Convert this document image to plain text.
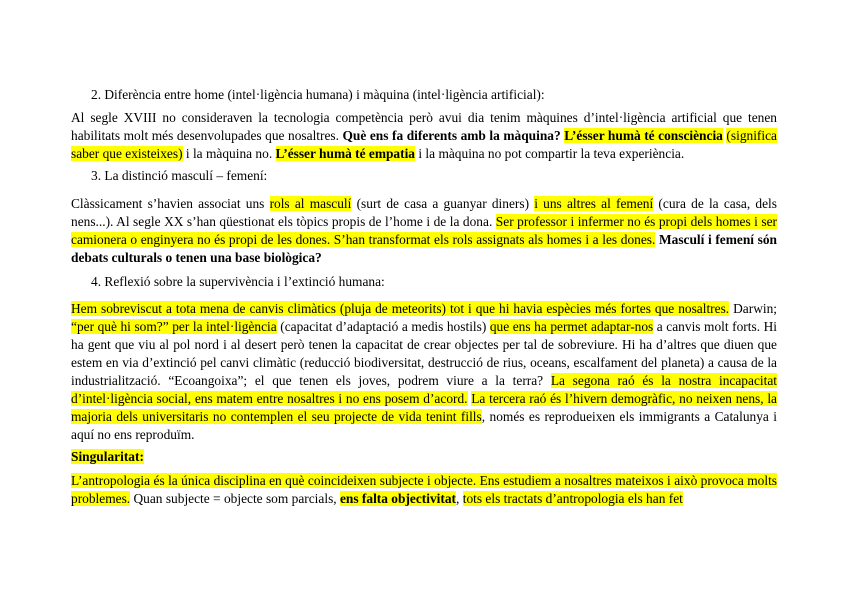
2. Diferència entre home (intel·ligència humana) i màquina (intel·ligència artificial):
Al segle XVIII no consideraven la tecnologia competència però avui dia tenim màquines d’intel·ligència artificial que tenen habilitats molt més desenvolupades que nosaltres. Què ens fa diferents amb la màquina? L’ésser humà té consciència (significa saber que existeixes) i la màquina no. L’ésser humà té empatia i la màquina no pot compartir la teva experiència.
3. La distinció masculí – femení:
Clàssicament s’havien associat uns rols al masculí (surt de casa a guanyar diners) i uns altres al femení (cura de la casa, dels nens...). Al segle XX s’han qüestionat els tòpics propis de l’home i de la dona. Ser professor i infermer no és propi dels homes i ser camionera o enginyera no és propi de les dones. S’han transformat els rols assignats als homes i a les dones. Masculí i femení són debats culturals o tenen una base biològica?
4. Reflexió sobre la supervivència i l’extinció humana:
Hem sobreviscut a tota mena de canvis climàtics (pluja de meteorits) tot i que hi havia espècies més fortes que nosaltres. Darwin; “per què hi som?” per la intel·ligència (capacitat d’adaptació a medis hostils) que ens ha permet adaptar-nos a canvis molt forts. Hi ha gent que viu al pol nord i al desert però tenen la capacitat de crear objectes per tal de sobreviure. Hi ha d’altres que diuen que estem en via d’extinció pel canvi climàtic (reducció biodiversitat, destrucció de rius, oceans, escalfament del planeta) a causa de la industrialització. “Ecoangoixa”; el que tenen els joves, podrem viure a la terra? La segona raó és la nostra incapacitat d’intel·ligència social, ens matem entre nosaltres i no ens posem d’acord. La tercera raó és l’hivern demogràfic, no neixen nens, la majoria dels universitaris no contemplen el seu projecte de vida tenint fills, només es reprodueixen els immigrants a Catalunya i aquí no ens reproduïm.
Singularitat:
L’antropologia és la única disciplina en què coincideixen subjecte i objecte. Ens estudiem a nosaltres mateixos i això provoca molts problemes. Quan subjecte = objecte som parcials, ens falta objectivitat, tots els tractats d’antropologia els han fet
